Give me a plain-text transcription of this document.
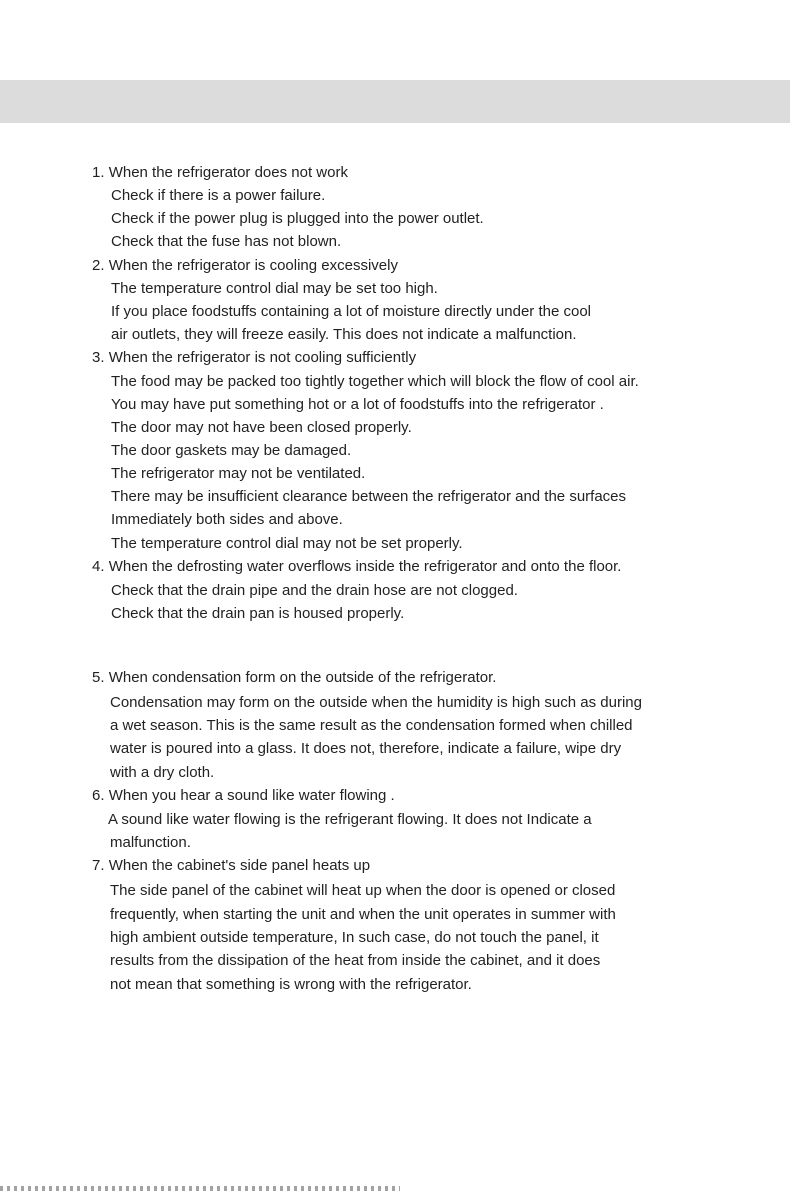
1. When the refrigerator does not work
Check if there is a power failure.
Check if the power plug is plugged into the power outlet.
Check that the fuse has not blown.
2. When the refrigerator is cooling excessively
The temperature control dial may be set too high.
If you place foodstuffs containing a lot of moisture directly under the cool
air outlets, they will freeze easily. This does not indicate a malfunction.
3. When the refrigerator is not cooling sufficiently
The food may be packed too tightly together which will block the flow of cool air.
You may have put something hot or a lot of foodstuffs into the refrigerator .
The door may not have been closed properly.
The door gaskets may be damaged.
The refrigerator may not be ventilated.
There may be insufficient clearance between the refrigerator and the surfaces
Immediately both sides and above.
The temperature control dial may not be set properly.
4. When the defrosting water overflows inside the refrigerator and onto the floor.
Check that the drain pipe and the drain hose are not clogged.
Check that the drain pan is housed properly.
5. When condensation form on the outside of the refrigerator.
Condensation may form on the outside when the humidity is high such as during
a wet season. This is the same result as the condensation formed when chilled
water is poured into a glass. It does not, therefore, indicate a failure, wipe dry
with a dry cloth.
6. When you hear a sound like water flowing .
A sound like water flowing is the refrigerant flowing. It does not Indicate a
malfunction.
7. When the cabinet's side panel heats up
The side panel of the cabinet will heat up when the door is opened or closed
frequently, when starting the unit and when the unit operates in summer with
high ambient outside temperature, In such case, do not touch the panel, it
results from the dissipation of the heat from inside the cabinet, and it does
not mean that something is wrong with the refrigerator.
